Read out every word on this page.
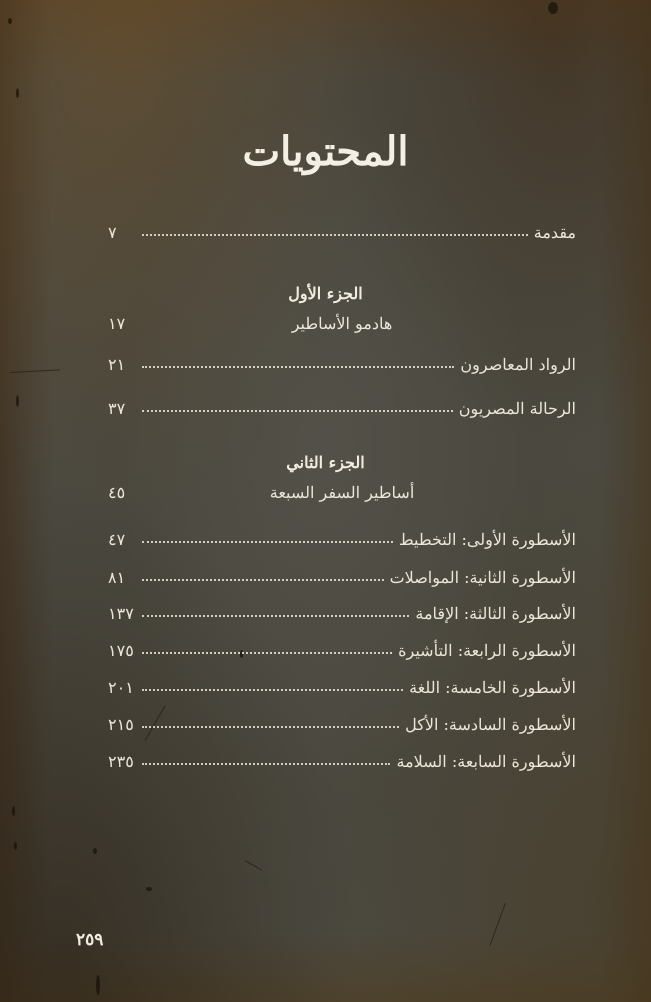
المحتويات
مقدمة
٧
الجزء الأول
هادمو الأساطير
١٧
الرواد المعاصرون
٢١
الرحالة المصريون
٣٧
الجزء الثاني
أساطير السفر السبعة
٤٥
الأسطورة الأولى: التخطيط
٤٧
الأسطورة الثانية: المواصلات
٨١
الأسطورة الثالثة: الإقامة
١٣٧
الأسطورة الرابعة: التأشيرة
١٧٥
الأسطورة الخامسة: اللغة
٢٠١
الأسطورة السادسة: الأكل
٢١٥
الأسطورة السابعة: السلامة
٢٣٥
٢٥٩
